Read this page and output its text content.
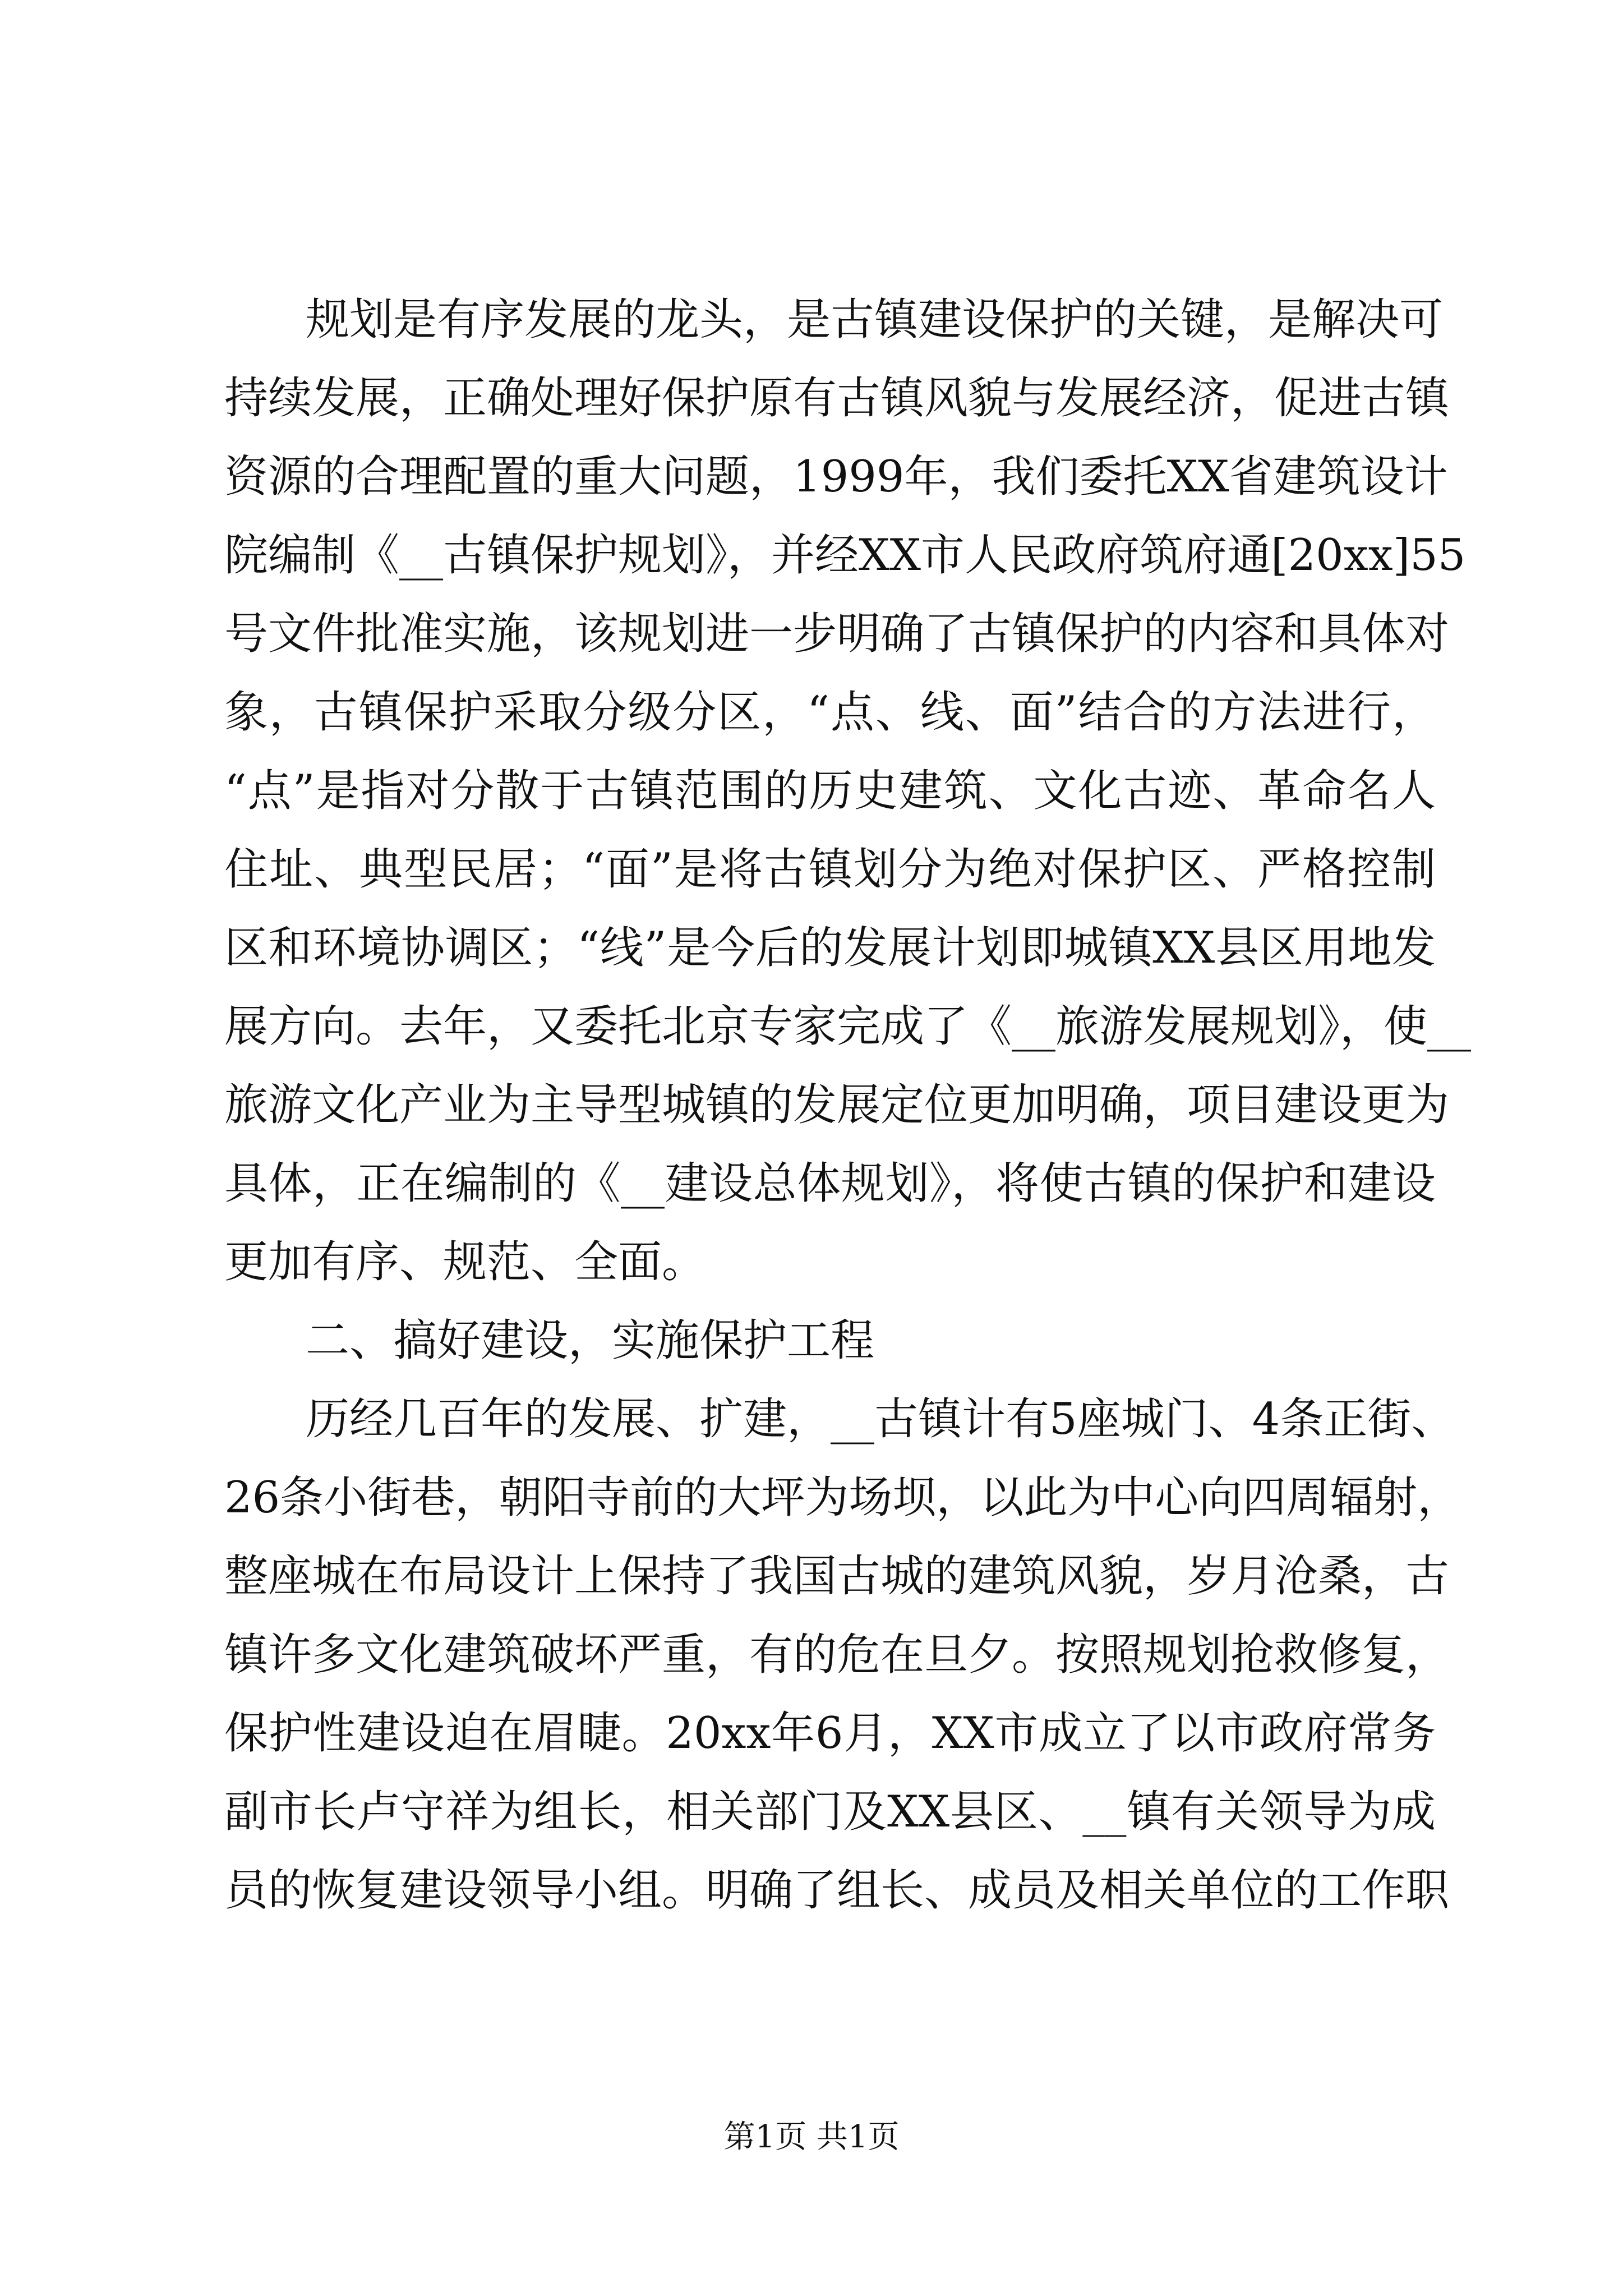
规划是有序发展的龙头，是古镇建设保护的关键，是解决可
持续发展，正确处理好保护原有古镇风貌与发展经济，促进古镇
资源的合理配置的重大问题，1999年，我们委托XX省建筑设计
院编制《__古镇保护规划》，并经XX市人民政府筑府通[20xx]55
号文件批准实施，该规划进一步明确了古镇保护的内容和具体对
象，古镇保护采取分级分区，“点、线、面”结合的方法进行，
“点”是指对分散于古镇范围的历史建筑、文化古迹、革命名人
住址、典型民居；“面”是将古镇划分为绝对保护区、严格控制
区和环境协调区；“线”是今后的发展计划即城镇XX县区用地发
展方向。去年，又委托北京专家完成了《__旅游发展规划》，使__
旅游文化产业为主导型城镇的发展定位更加明确，项目建设更为
具体，正在编制的《__建设总体规划》，将使古镇的保护和建设
更加有序、规范、全面。
二、搞好建设，实施保护工程
历经几百年的发展、扩建，__古镇计有5座城门、4条正街、
26条小街巷，朝阳寺前的大坪为场坝，以此为中心向四周辐射，
整座城在布局设计上保持了我国古城的建筑风貌，岁月沧桑，古
镇许多文化建筑破坏严重，有的危在旦夕。按照规划抢救修复，
保护性建设迫在眉睫。20xx年6月，XX市成立了以市政府常务
副市长卢守祥为组长，相关部门及XX县区、__镇有关领导为成
员的恢复建设领导小组。明确了组长、成员及相关单位的工作职
第1页 共1页
